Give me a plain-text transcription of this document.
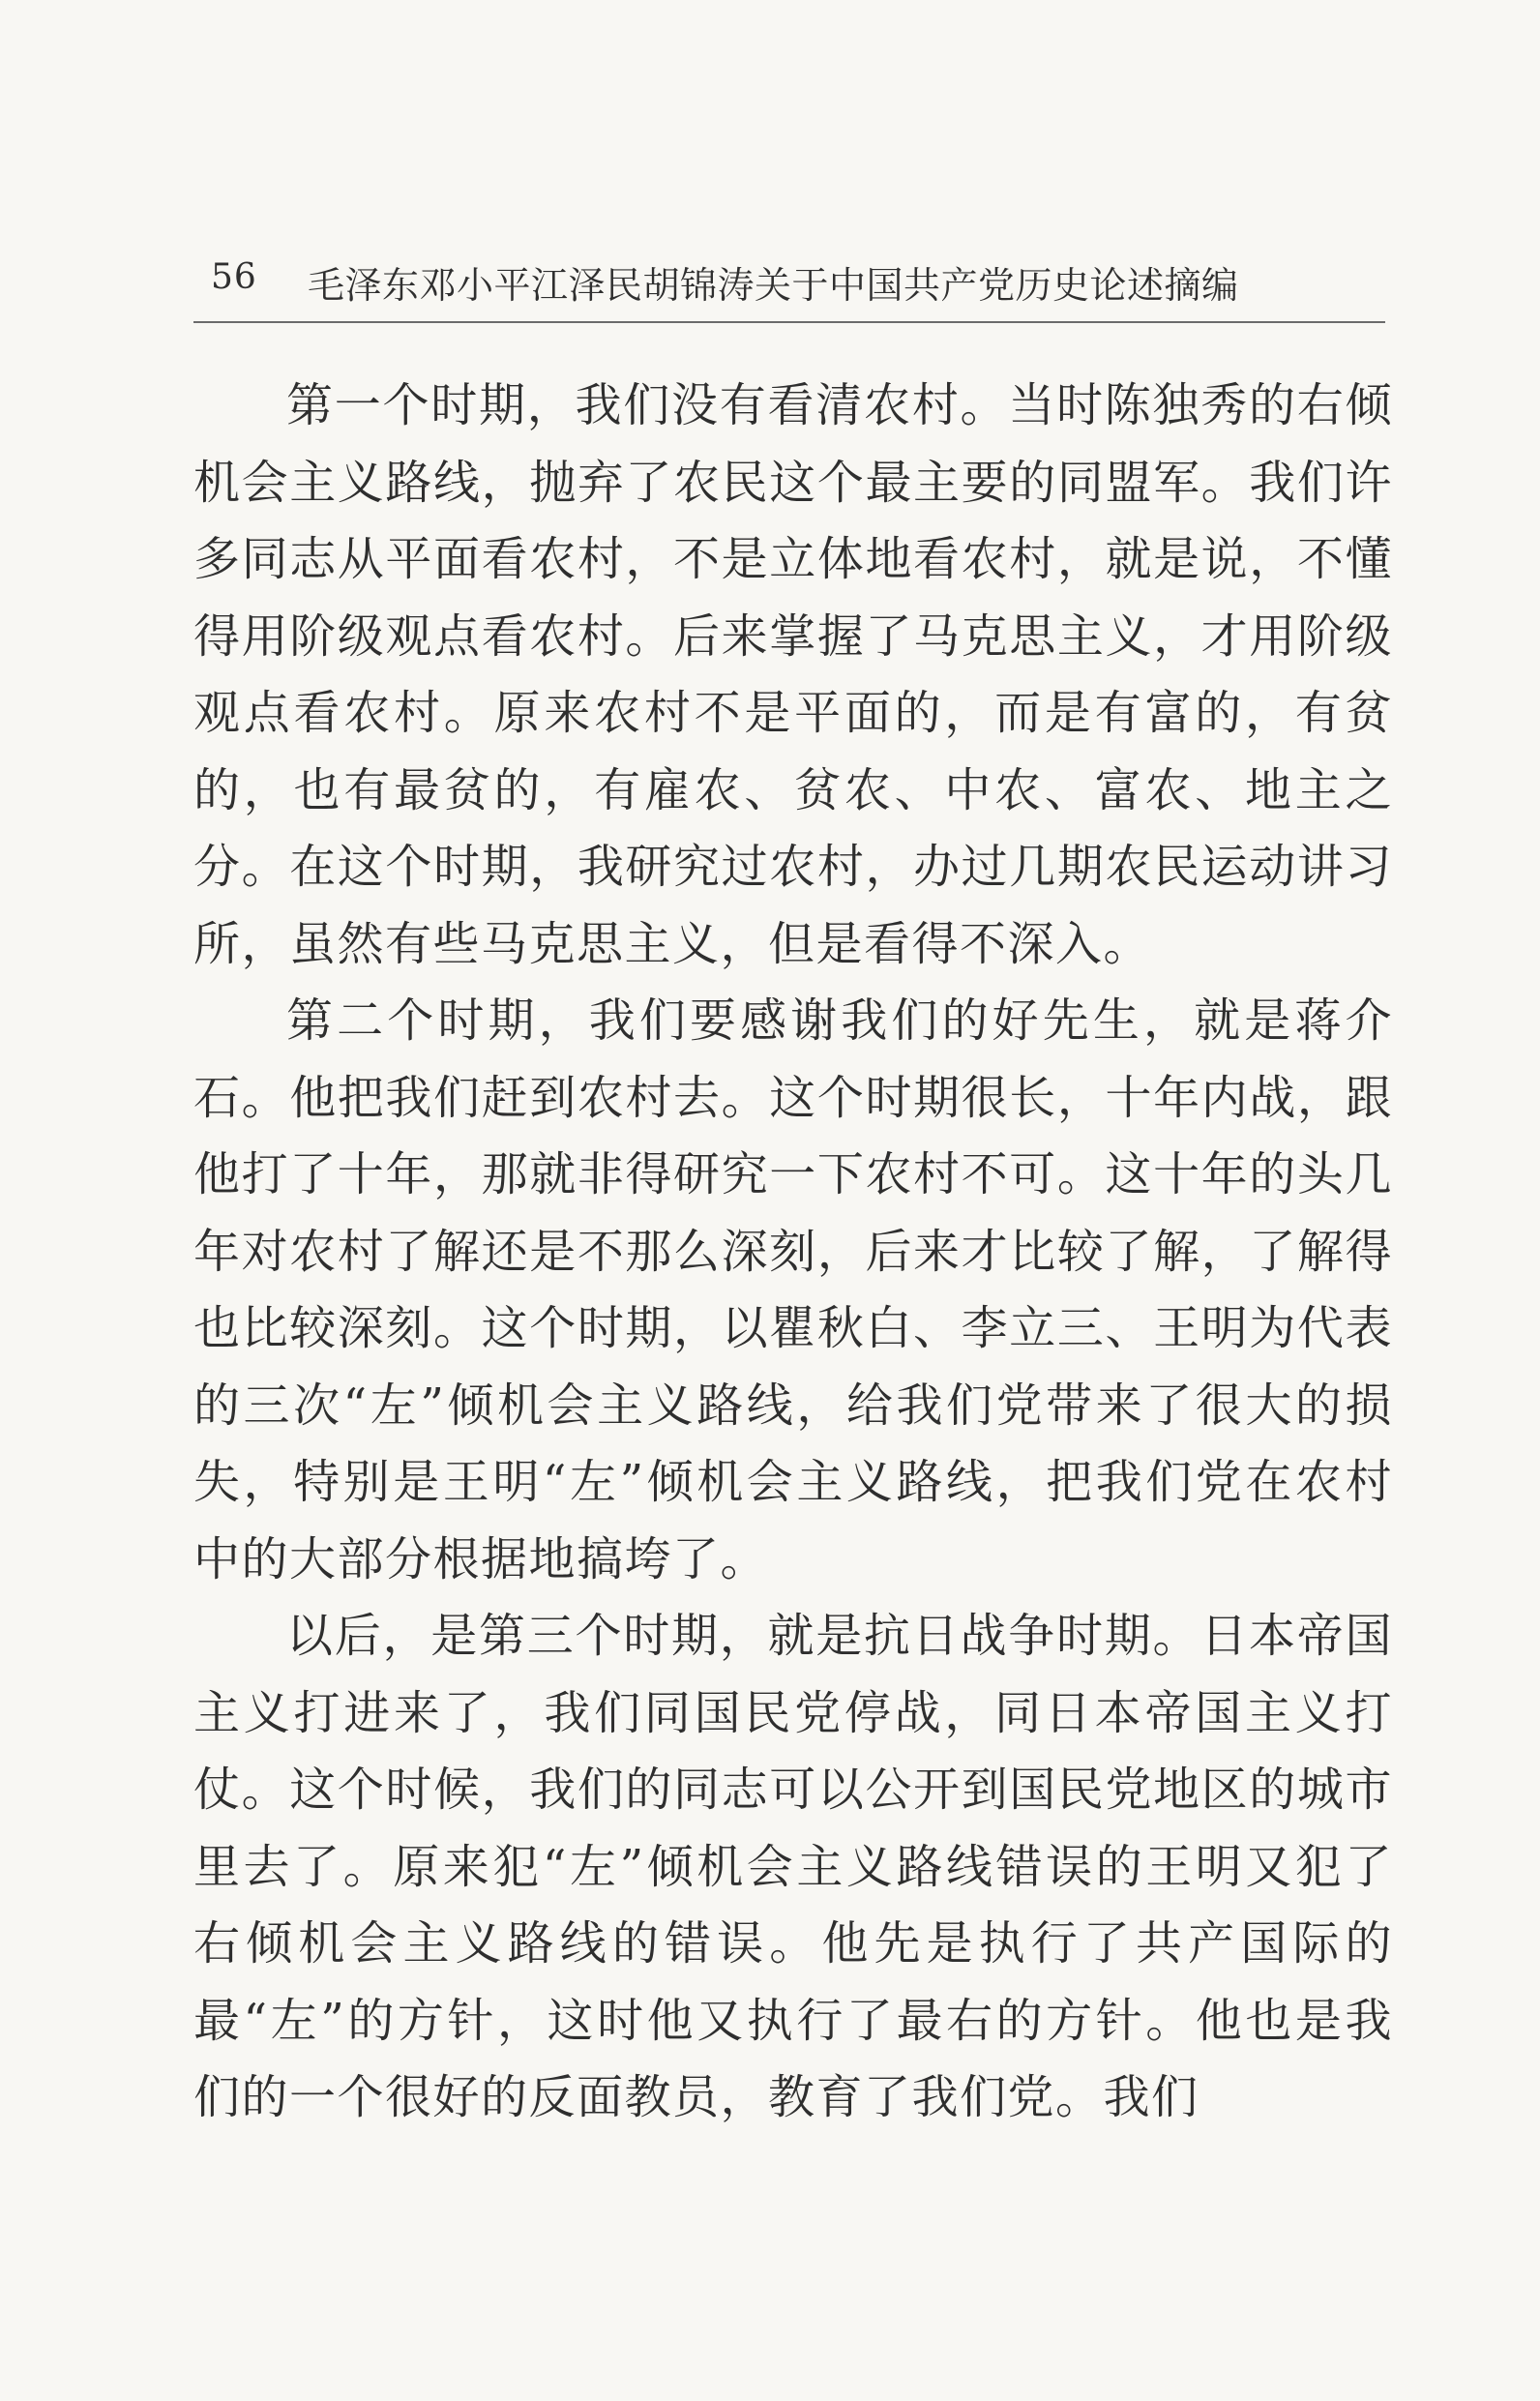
56 毛泽东邓小平江泽民胡锦涛关于中国共产党历史论述摘编

第一个时期，我们没有看清农村。当时陈独秀的右倾机会主义路线，抛弃了农民这个最主要的同盟军。我们许多同志从平面看农村，不是立体地看农村，就是说，不懂得用阶级观点看农村。后来掌握了马克思主义，才用阶级观点看农村。原来农村不是平面的，而是有富的，有贫的，也有最贫的，有雇农、贫农、中农、富农、地主之分。在这个时期，我研究过农村，办过几期农民运动讲习所，虽然有些马克思主义，但是看得不深入。

第二个时期，我们要感谢我们的好先生，就是蒋介石。他把我们赶到农村去。这个时期很长，十年内战，跟他打了十年，那就非得研究一下农村不可。这十年的头几年对农村了解还是不那么深刻，后来才比较了解，了解得也比较深刻。这个时期，以瞿秋白、李立三、王明为代表的三次“左”倾机会主义路线，给我们党带来了很大的损失，特别是王明“左”倾机会主义路线，把我们党在农村中的大部分根据地搞垮了。

以后，是第三个时期，就是抗日战争时期。日本帝国主义打进来了，我们同国民党停战，同日本帝国主义打仗。这个时候，我们的同志可以公开到国民党地区的城市里去了。原来犯“左”倾机会主义路线错误的王明又犯了右倾机会主义路线的错误。他先是执行了共产国际的最“左”的方针，这时他又执行了最右的方针。他也是我们的一个很好的反面教员，教育了我们党。我们
